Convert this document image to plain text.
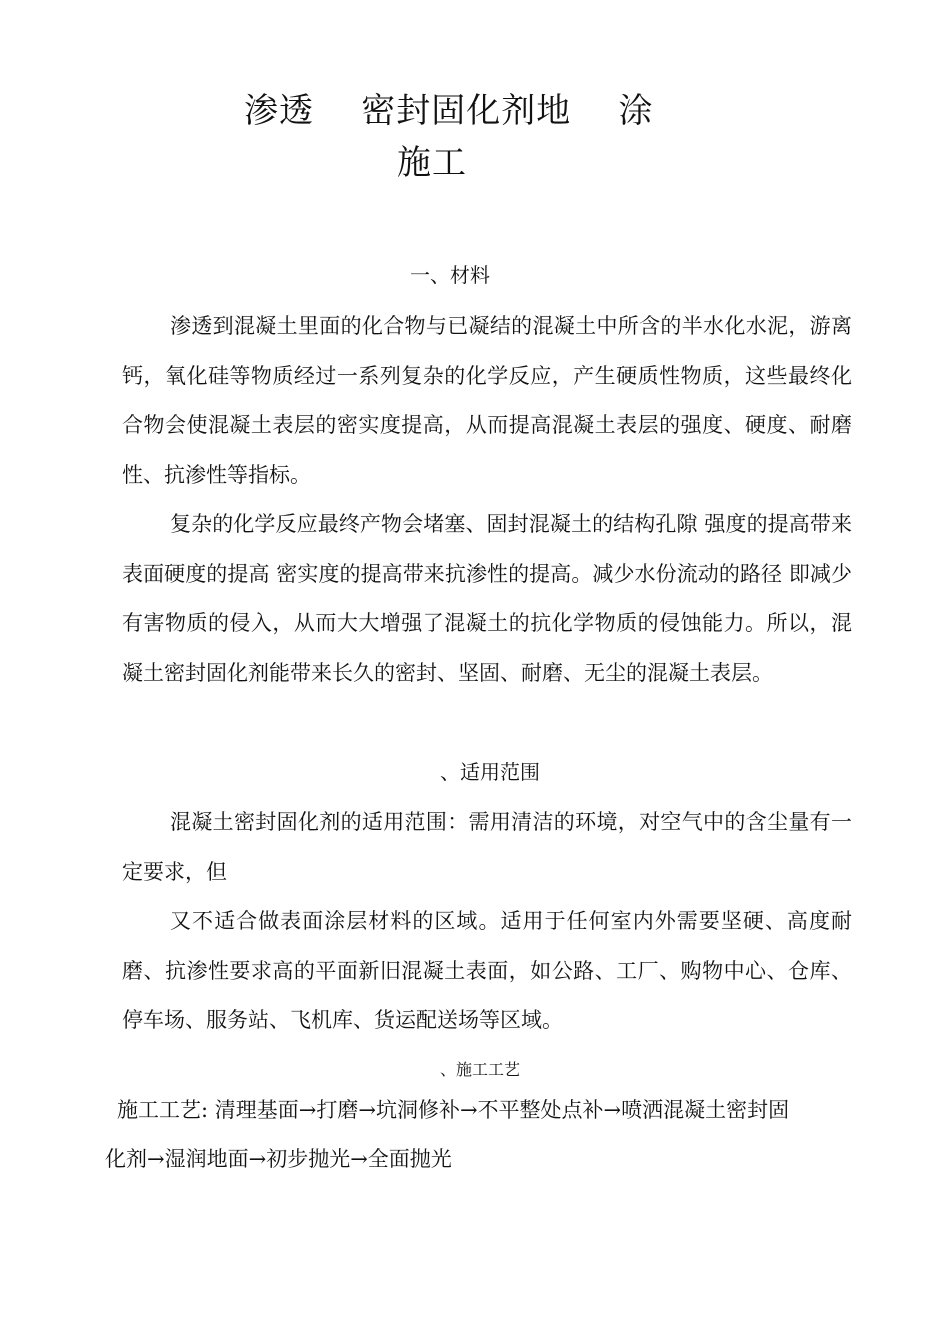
渗透    密封固化剂地    涂
施工
一、材料

渗透到混凝土里面的化合物与已凝结的混凝土中所含的半水化水泥，游离钙，氧化硅等物质经过一系列复杂的化学反应，产生硬质性物质，这些最终化合物会使混凝土表层的密实度提高，从而提高混凝土表层的强度、硬度、耐磨性、抗渗性等指标。

复杂的化学反应最终产物会堵塞、固封混凝土的结构孔隙 强度的提高带来表面硬度的提高 密实度的提高带来抗渗性的提高。减少水份流动的路径 即减少有害物质的侵入，从而大大增强了混凝土的抗化学物质的侵蚀能力。所以，混凝土密封固化剂能带来长久的密封、坚固、耐磨、无尘的混凝土表层。

、适用范围

混凝土密封固化剂的适用范围：需用清洁的环境，对空气中的含尘量有一定要求，但

又不适合做表面涂层材料的区域。适用于任何室内外需要坚硬、高度耐磨、抗渗性要求高的平面新旧混凝土表面，如公路、工厂、购物中心、仓库、停车场、服务站、飞机库、货运配送场等区域。

、施工工艺
施工工艺: 清理基面→打磨→坑洞修补→不平整处点补→喷洒混凝土密封固
化剂→湿润地面→初步抛光→全面抛光
